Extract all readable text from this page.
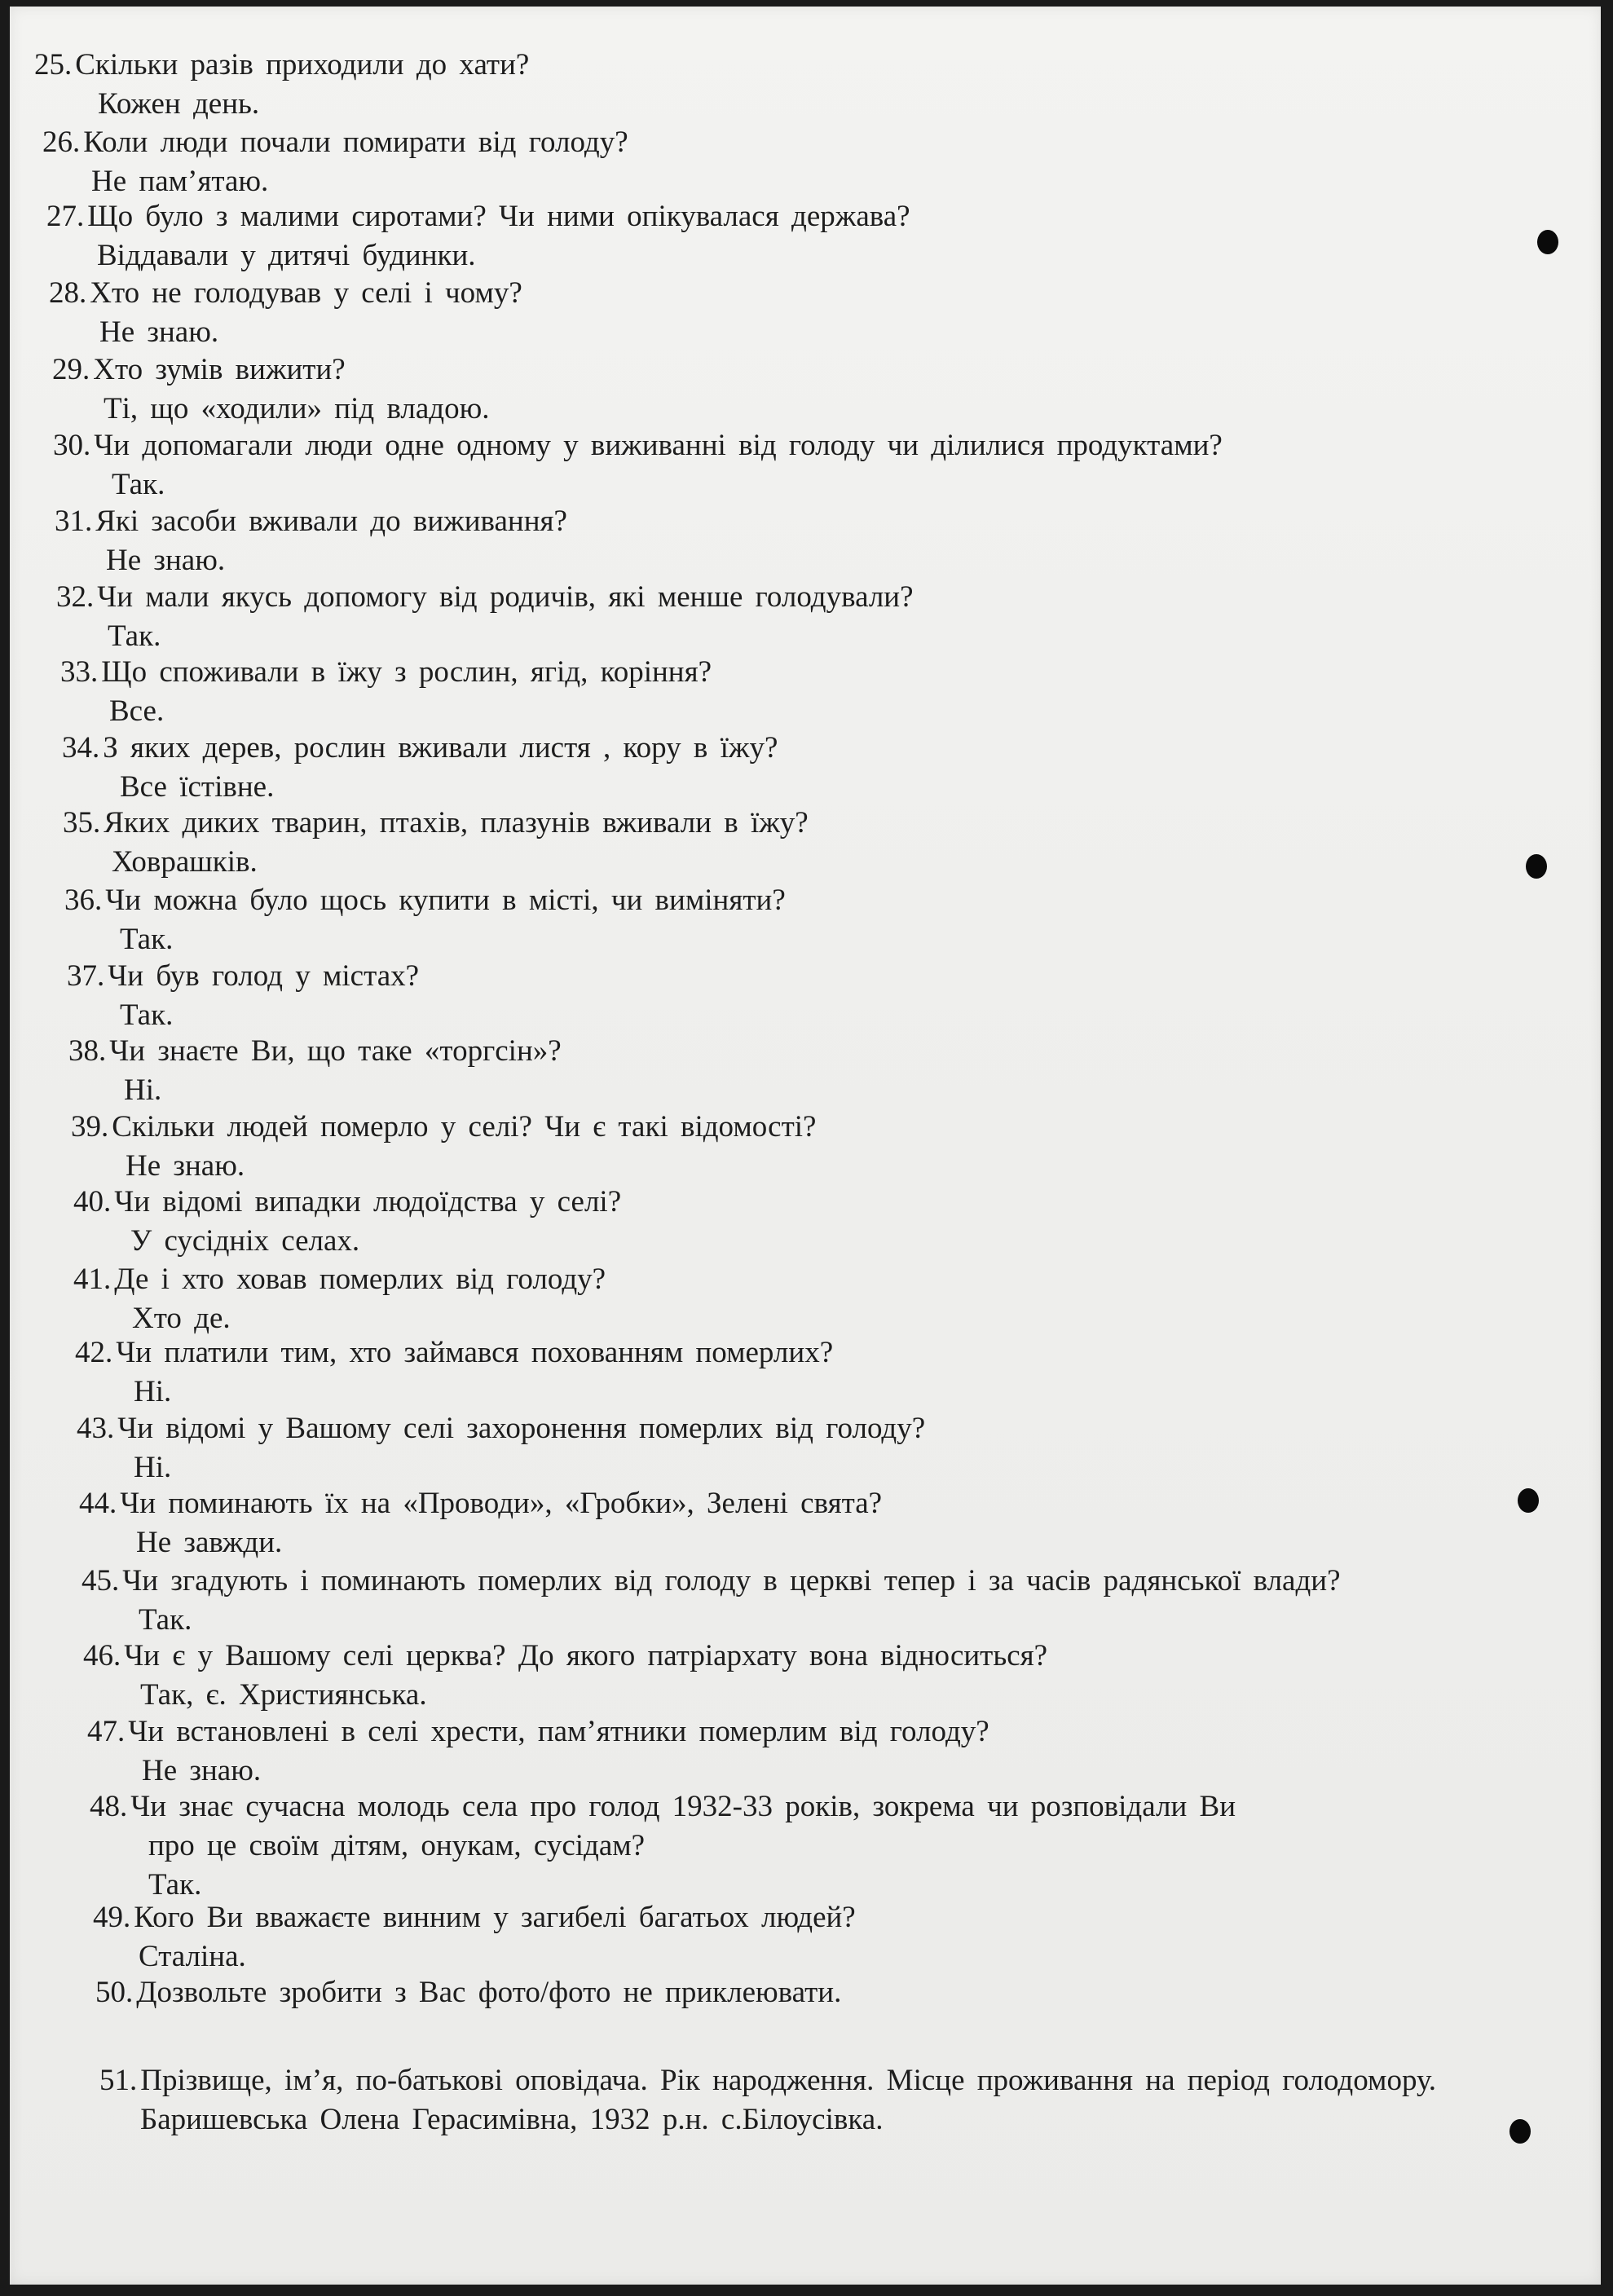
25. Скільки разів приходили до хати?
Кожен день.
26. Коли люди почали помирати від голоду?
Не пам’ятаю.
27. Що було з малими сиротами? Чи ними опікувалася держава?
Віддавали у дитячі будинки.
28. Хто не голодував у селі і чому?
Не знаю.
29. Хто зумів вижити?
Ті, що «ходили» під владою.
30. Чи допомагали люди одне одному у виживанні від голоду чи ділилися продуктами?
Так.
31. Які засоби вживали до виживання?
Не знаю.
32. Чи мали якусь допомогу від родичів, які менше голодували?
Так.
33. Що споживали в їжу з рослин, ягід, коріння?
Все.
34. З яких дерев, рослин вживали листя , кору в їжу?
Все їстівне.
35. Яких диких тварин, птахів, плазунів вживали в їжу?
Ховрашків.
36. Чи можна було щось купити в місті, чи виміняти?
Так.
37. Чи був голод у містах?
Так.
38. Чи знаєте Ви, що таке «торгсін»?
Ні.
39. Скільки людей померло у селі? Чи є такі відомості?
Не знаю.
40. Чи відомі випадки людоїдства у селі?
У сусідніх селах.
41. Де і хто ховав померлих від голоду?
Хто де.
42. Чи платили тим, хто займався похованням померлих?
Ні.
43. Чи відомі у Вашому селі захоронення померлих від голоду?
Ні.
44. Чи поминають їх на «Проводи», «Гробки», Зелені свята?
Не завжди.
45. Чи згадують і поминають померлих від голоду в церкві тепер і за часів радянської влади?
Так.
46. Чи є у Вашому селі церква? До якого патріархату вона відноситься?
Так, є. Християнська.
47. Чи встановлені в селі хрести, пам’ятники померлим від голоду?
Не знаю.
48. Чи знає сучасна молодь села про голод 1932-33 років, зокрема чи розповідали Ви
про це своїм дітям, онукам, сусідам?
Так.
49. Кого Ви вважаєте винним у загибелі багатьох людей?
Сталіна.
50. Дозвольте зробити з Вас фото/фото не приклеювати.
51. Прізвище, ім’я, по-батькові оповідача. Рік народження. Місце проживання на період голодомору.
Баришевська Олена Герасимівна, 1932 р.н. с.Білоусівка.
